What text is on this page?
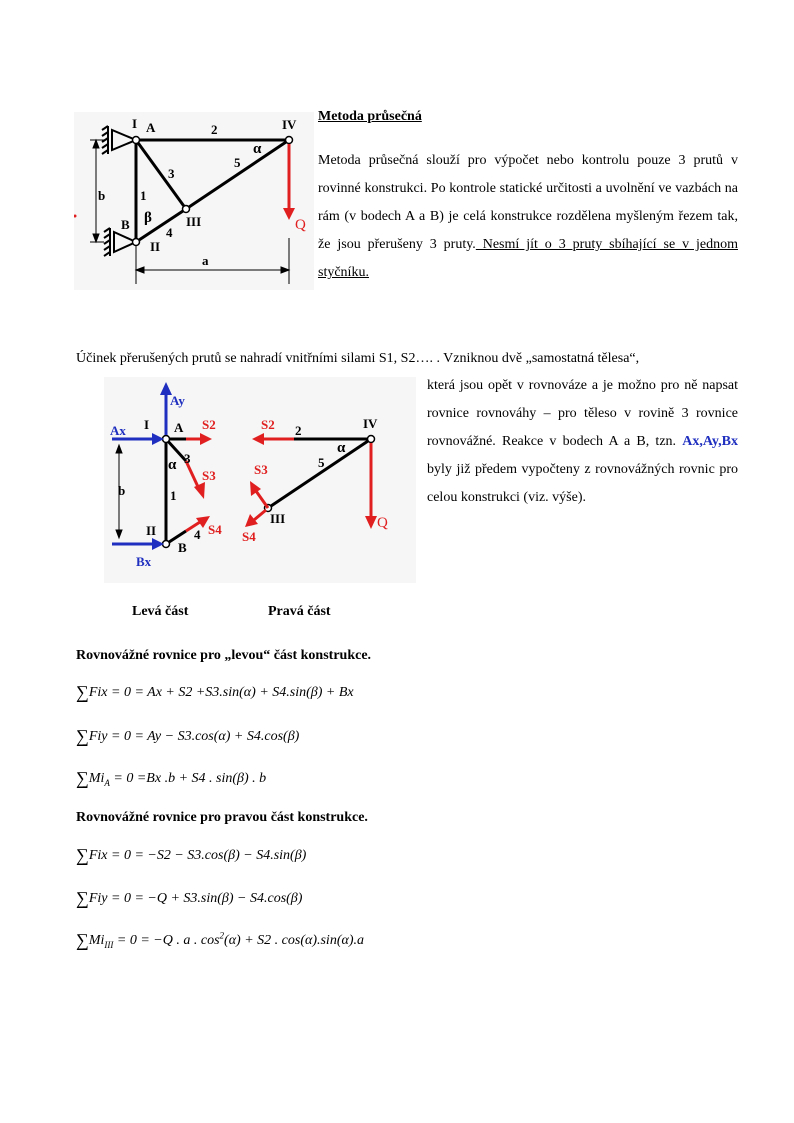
I A	2	IV
α
5
3
b	1
β
B	III
4
II
Q
a
Metoda průsečná
Metoda průsečná slouží pro výpočet nebo kontrolu pouze 3 prutů v rovinné konstrukci. Po kontrole statické určitosti a uvolnění ve vazbách na rám (v bodech A a B) je celá konstrukce rozdělena myšleným řezem tak, že jsou přerušeny 3 pruty. Nesmí jít o 3 pruty sbíhající se v jednom styčníku.
Účinek přerušených prutů se nahradí vnitřními silami S1, S2…. . Vzniknou dvě „samostatná tělesa“,
která jsou opět v rovnováze a je možno pro ně napsat rovnice rovnováhy – pro těleso v rovině 3 rovnice rovnovážné. Reakce v bodech A a B, tzn. Ax,Ay,Bx byly již předem vypočteny z rovnovážných rovnic pro celou konstrukci (viz. výše).
Ay
Ax I A S2
3
α
S3
b	1
II	S4
4
B
Bx
S2 2	IV
α
5
S3
III
S4
Q
Levá část	Pravá část
Rovnovážné rovnice pro „levou“ část konstrukce.
∑Fix = 0 = Ax + S2 +S3.sin(α) + S4.sin(β) + Bx
∑Fiy = 0 = Ay − S3.cos(α) + S4.cos(β)
$\sum Mi_A = 0 =Bx$ .b + S4 . sin(β) . b
Rovnovážné rovnice pro pravou část konstrukce.
∑Fix = 0 = −S2 − S3.cos(β) − S4.sin(β)
∑Fiy = 0 = −Q + S3.sin(β) − S4.cos(β)
$\sum Mi_{III} = 0 = -Q$ . a . $\cos^2(\alpha) + S2$ . cos(α).sin(α).a
